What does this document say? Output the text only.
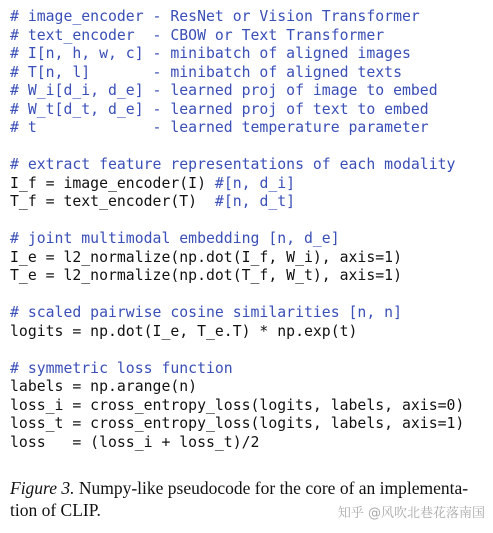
# image_encoder - ResNet or Vision Transformer
# text_encoder  - CBOW or Text Transformer
# I[n, h, w, c] - minibatch of aligned images
# T[n, l]       - minibatch of aligned texts
# W_i[d_i, d_e] - learned proj of image to embed
# W_t[d_t, d_e] - learned proj of text to embed
# t             - learned temperature parameter
# extract feature representations of each modality
I_f = image_encoder(I) #[n, d_i]
T_f = text_encoder(T)  #[n, d_t]
# joint multimodal embedding [n, d_e]
I_e = l2_normalize(np.dot(I_f, W_i), axis=1)
T_e = l2_normalize(np.dot(T_f, W_t), axis=1)
# scaled pairwise cosine similarities [n, n]
logits = np.dot(I_e, T_e.T) * np.exp(t)
# symmetric loss function
labels = np.arange(n)
loss_i = cross_entropy_loss(logits, labels, axis=0)
loss_t = cross_entropy_loss(logits, labels, axis=1)
loss   = (loss_i + loss_t)/2
Figure 3. Numpy-like pseudocode for the core of an implementa- tion of CLIP.	知乎 @风吹北巷花落南国
